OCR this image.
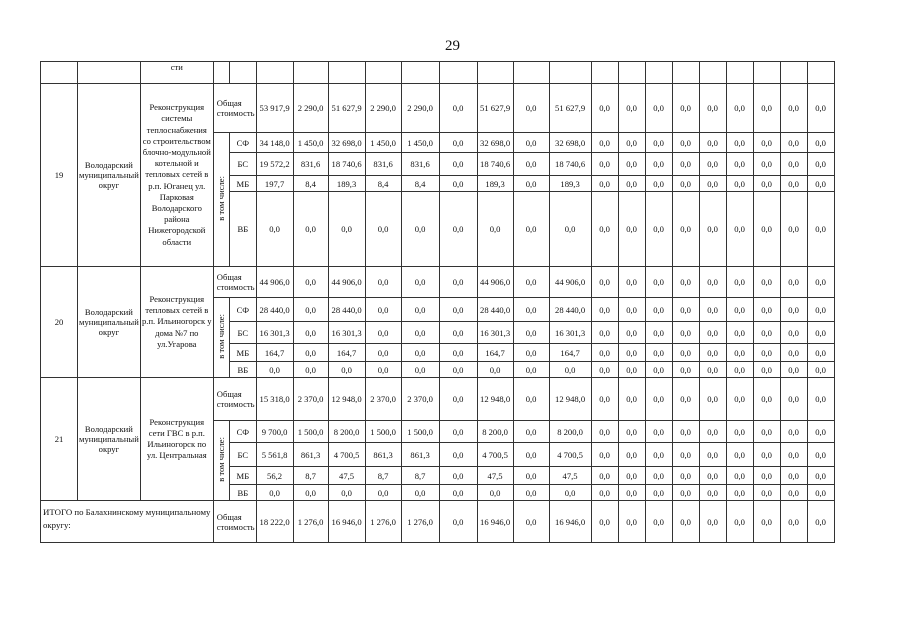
29
		сти																				
19	Володарский муниципальный округ	Реконструкция системы теплоснабжения со строительством блочно-модульной котельной и тепловых сетей в р.п. Юганец ул. Парковая Володарского района Нижегородской области	Общая стоимость		53 917,9	2 290,0	51 627,9	2 290,0	2 290,0	0,0	51 627,9	0,0	51 627,9	0,0	0,0	0,0	0,0	0,0	0,0	0,0	0,0	0,0
			в том числе:	СФ	34 148,0	1 450,0	32 698,0	1 450,0	1 450,0	0,0	32 698,0	0,0	32 698,0	0,0	0,0	0,0	0,0	0,0	0,0	0,0	0,0	0,0
				БС	19 572,2	831,6	18 740,6	831,6	831,6	0,0	18 740,6	0,0	18 740,6	0,0	0,0	0,0	0,0	0,0	0,0	0,0	0,0	0,0
				МБ	197,7	8,4	189,3	8,4	8,4	0,0	189,3	0,0	189,3	0,0	0,0	0,0	0,0	0,0	0,0	0,0	0,0	0,0
				ВБ	0,0	0,0	0,0	0,0	0,0	0,0	0,0	0,0	0,0	0,0	0,0	0,0	0,0	0,0	0,0	0,0	0,0	0,0
20	Володарский муниципальный округ	Реконструкция тепловых сетей в р.п. Ильиногорск у дома №7 по ул.Угарова	Общая стоимость		44 906,0	0,0	44 906,0	0,0	0,0	0,0	44 906,0	0,0	44 906,0	0,0	0,0	0,0	0,0	0,0	0,0	0,0	0,0	0,0
			в том числе:	СФ	28 440,0	0,0	28 440,0	0,0	0,0	0,0	28 440,0	0,0	28 440,0	0,0	0,0	0,0	0,0	0,0	0,0	0,0	0,0	0,0
				БС	16 301,3	0,0	16 301,3	0,0	0,0	0,0	16 301,3	0,0	16 301,3	0,0	0,0	0,0	0,0	0,0	0,0	0,0	0,0	0,0
				МБ	164,7	0,0	164,7	0,0	0,0	0,0	164,7	0,0	164,7	0,0	0,0	0,0	0,0	0,0	0,0	0,0	0,0	0,0
				ВБ	0,0	0,0	0,0	0,0	0,0	0,0	0,0	0,0	0,0	0,0	0,0	0,0	0,0	0,0	0,0	0,0	0,0	0,0
21	Володарский муниципальный округ	Реконструкция сети ГВС в р.п. Ильиногорск по ул. Центральная	Общая стоимость		15 318,0	2 370,0	12 948,0	2 370,0	2 370,0	0,0	12 948,0	0,0	12 948,0	0,0	0,0	0,0	0,0	0,0	0,0	0,0	0,0	0,0
			в том числе:	СФ	9 700,0	1 500,0	8 200,0	1 500,0	1 500,0	0,0	8 200,0	0,0	8 200,0	0,0	0,0	0,0	0,0	0,0	0,0	0,0	0,0	0,0
				БС	5 561,8	861,3	4 700,5	861,3	861,3	0,0	4 700,5	0,0	4 700,5	0,0	0,0	0,0	0,0	0,0	0,0	0,0	0,0	0,0
				МБ	56,2	8,7	47,5	8,7	8,7	0,0	47,5	0,0	47,5	0,0	0,0	0,0	0,0	0,0	0,0	0,0	0,0	0,0
				ВБ	0,0	0,0	0,0	0,0	0,0	0,0	0,0	0,0	0,0	0,0	0,0	0,0	0,0	0,0	0,0	0,0	0,0	0,0
ИТОГО по Балахнинскому муниципальному округу:			Общая стоимость		18 222,0	1 276,0	16 946,0	1 276,0	1 276,0	0,0	16 946,0	0,0	16 946,0	0,0	0,0	0,0	0,0	0,0	0,0	0,0	0,0	0,0
